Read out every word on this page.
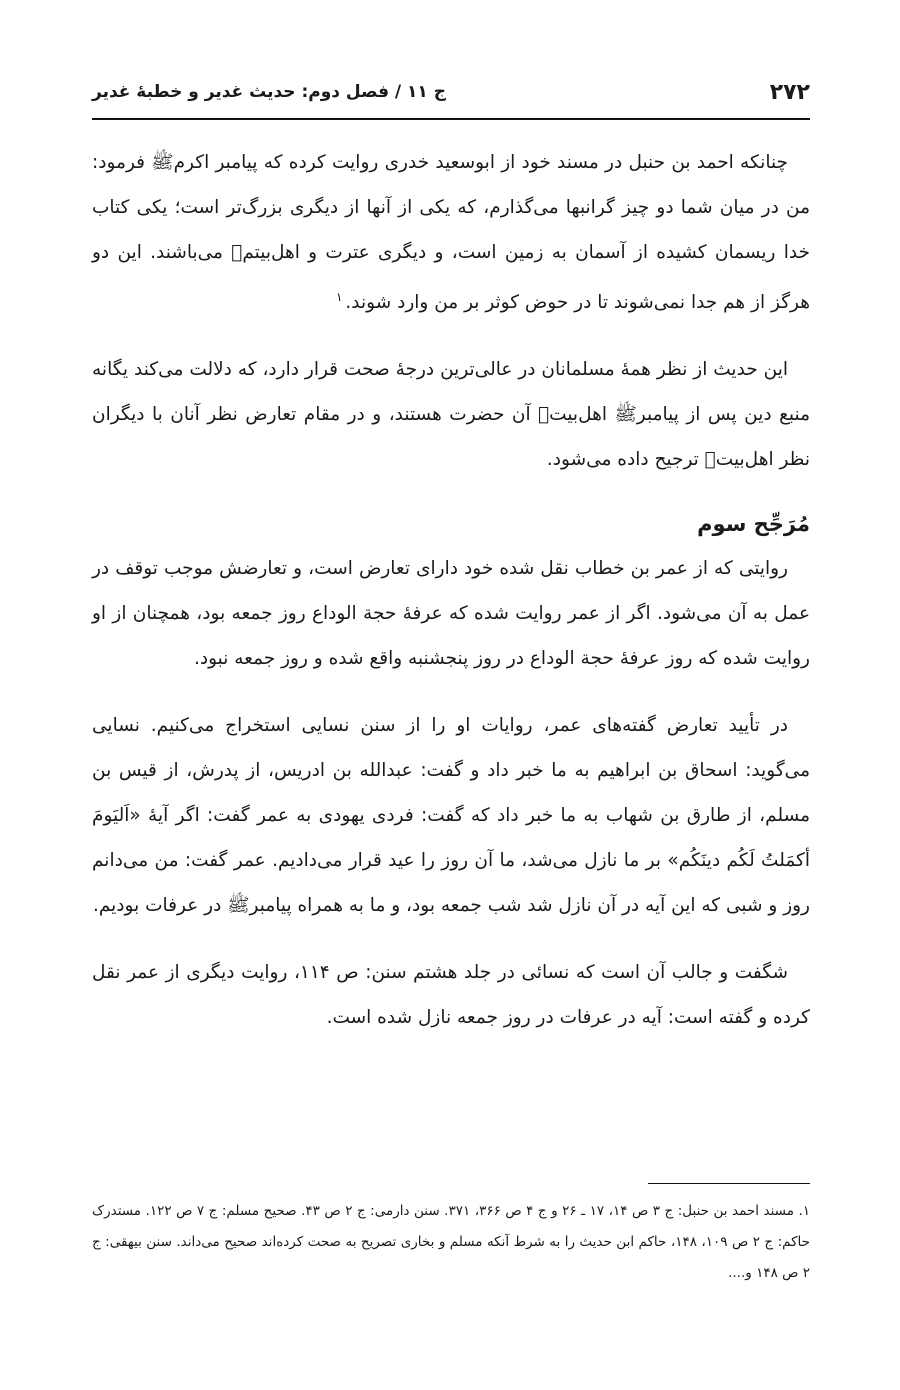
۲۷۲
ج ۱۱ / فصل دوم: حدیث غدیر و خطبهٔ غدیر

چنانکه احمد بن حنبل در مسند خود از ابوسعید خدری روایت کرده که پیامبر اکرمﷺ فرمود: من در میان شما دو چیز گرانبها می‌گذارم، که یکی از آنها از دیگری بزرگ‌تر است؛ یکی کتاب خدا ریسمان کشیده از آسمان به زمین است، و دیگری عترت و اهل‌بیتم﷩ می‌باشند. این دو هرگز از هم جدا نمی‌شوند تا در حوض کوثر بر من وارد شوند.$^۱$

این حدیث از نظر همهٔ مسلمانان در عالی‌ترین درجهٔ صحت قرار دارد، که دلالت می‌کند یگانه منبع دین پس از پیامبرﷺ اهل‌بیت﷩ آن حضرت هستند، و در مقام تعارض نظر آنان با دیگران نظر اهل‌بیت﷩ ترجیح داده می‌شود.

مُرَجِّح سوم

روایتی که از عمر بن خطاب نقل شده خود دارای تعارض است، و تعارضش موجب توقف در عمل به آن می‌شود. اگر از عمر روایت شده که عرفهٔ حجة الوداع روز جمعه بود، همچنان از او روایت شده که روز عرفهٔ حجة الوداع در روز پنجشنبه واقع شده و روز جمعه نبود.

در تأیید تعارض گفته‌های عمر، روایات او را از سنن نسایی استخراج می‌کنیم. نسایی می‌گوید: اسحاق بن ابراهیم به ما خبر داد و گفت: عبدالله بن ادریس، از پدرش، از قیس بن مسلم، از طارق بن شهاب به ما خبر داد که گفت: فردی یهودی به عمر گفت: اگر آیهٔ «اَلیَومَ أکمَلتُ لَکُم دینَکُم» بر ما نازل می‌شد، ما آن روز را عید قرار می‌دادیم. عمر گفت: من می‌دانم روز و شبی که این آیه در آن نازل شد شب جمعه بود، و ما به همراه پیامبرﷺ در عرفات بودیم.

شگفت و جالب آن است که نسائی در جلد هشتم سنن: ص ۱۱۴، روایت دیگری از عمر نقل کرده و گفته است: آیه در عرفات در روز جمعه نازل شده است.

۱. مسند احمد بن حنبل: ج ۳ ص ۱۴، ۱۷ ـ ۲۶ و ج ۴ ص ۳۶۶، ۳۷۱. سنن دارمی: ج ۲ ص ۴۳. صحیح مسلم: ج ۷ ص ۱۲۲. مستدرک حاکم: ج ۲ ص ۱۰۹، ۱۴۸، حاکم ابن حدیث را به شرط آنکه مسلم و بخاری تصریح به صحت کرده‌اند صحیح می‌داند. سنن بیهقی: ج ۲ ص ۱۴۸ و....
